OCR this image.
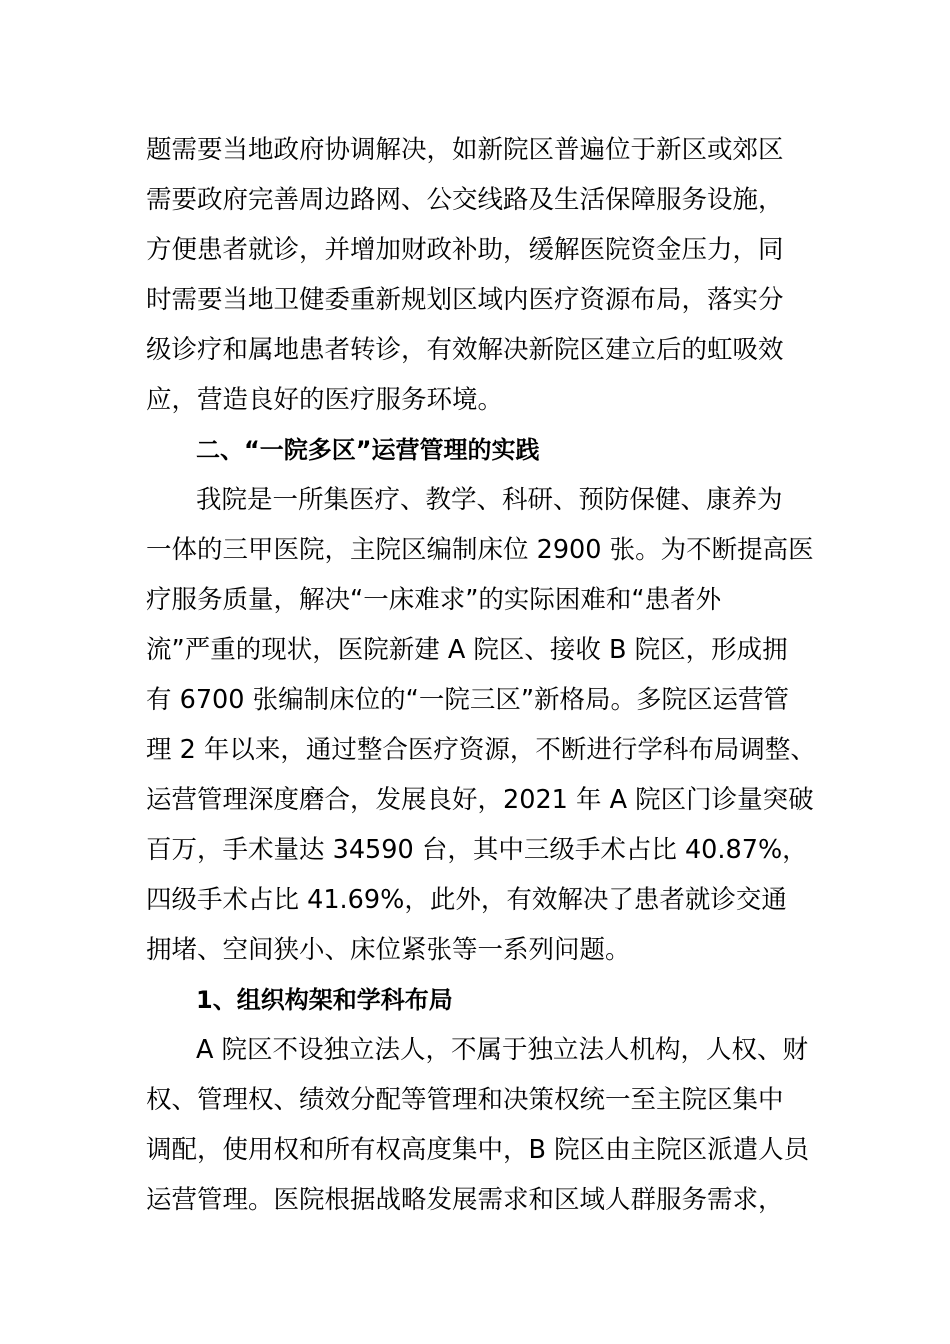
题需要当地政府协调解决，如新院区普遍位于新区或郊区
需要政府完善周边路网、公交线路及生活保障服务设施，
方便患者就诊，并增加财政补助，缓解医院资金压力，同
时需要当地卫健委重新规划区域内医疗资源布局，落实分
级诊疗和属地患者转诊，有效解决新院区建立后的虹吸效
应，营造良好的医疗服务环境。
二、“一院多区”运营管理的实践
我院是一所集医疗、教学、科研、预防保健、康养为
一体的三甲医院，主院区编制床位 2900 张。为不断提高医
疗服务质量，解决“一床难求”的实际困难和“患者外
流”严重的现状，医院新建 A 院区、接收 B 院区，形成拥
有 6700 张编制床位的“一院三区”新格局。多院区运营管
理 2 年以来，通过整合医疗资源，不断进行学科布局调整、
运营管理深度磨合，发展良好，2021 年 A 院区门诊量突破
百万，手术量达 34590 台，其中三级手术占比 40.87%，
四级手术占比 41.69%，此外，有效解决了患者就诊交通
拥堵、空间狭小、床位紧张等一系列问题。
1、组织构架和学科布局
A 院区不设独立法人，不属于独立法人机构，人权、财
权、管理权、绩效分配等管理和决策权统一至主院区集中
调配，使用权和所有权高度集中，B 院区由主院区派遣人员
运营管理。医院根据战略发展需求和区域人群服务需求，
